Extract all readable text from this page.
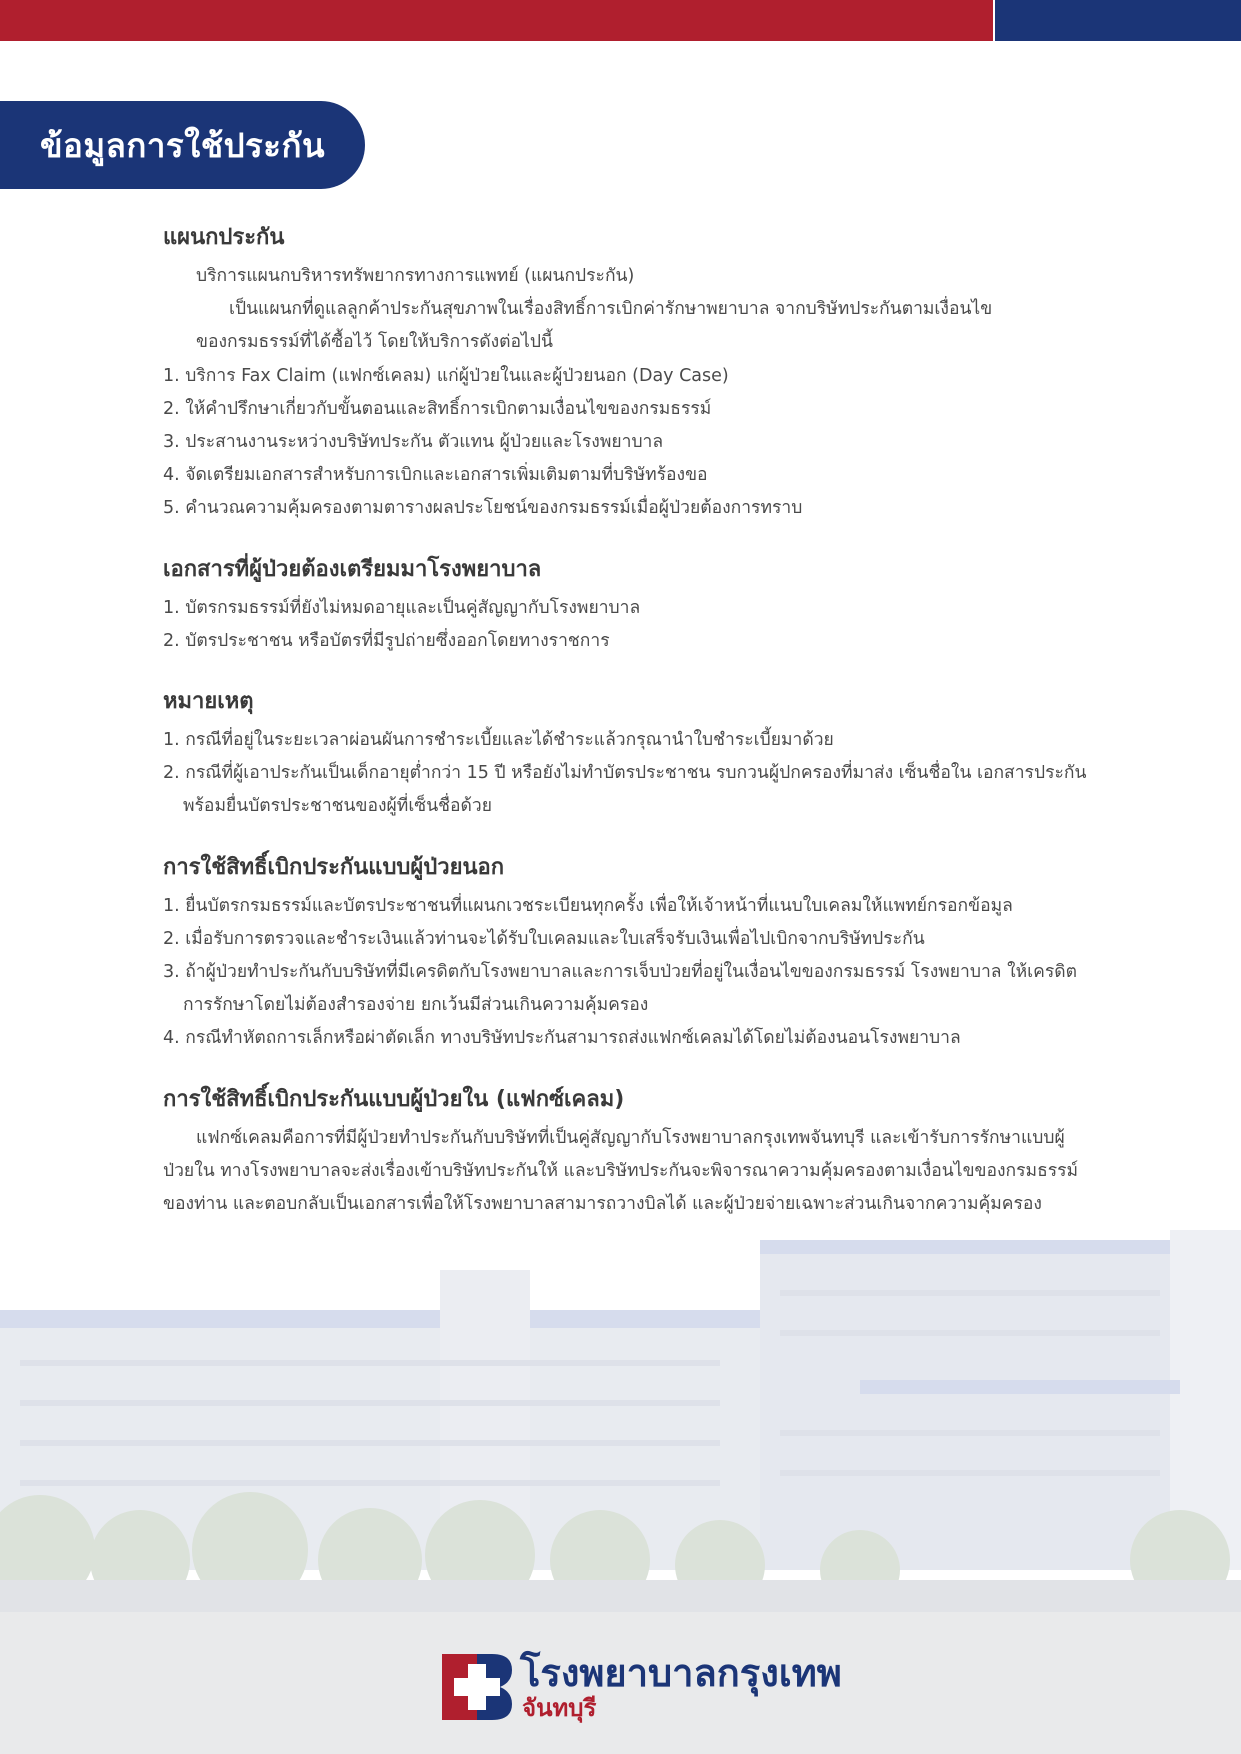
ข้อมูลการใช้ประกัน
แผนกประกัน
บริการแผนกบริหารทรัพยากรทางการแพทย์ (แผนกประกัน)
เป็นแผนกที่ดูแลลูกค้าประกันสุขภาพในเรื่องสิทธิ์การเบิกค่ารักษาพยาบาล จากบริษัทประกันตามเงื่อนไข
ของกรมธรรม์ที่ได้ซื้อไว้ โดยให้บริการดังต่อไปนี้
1. บริการ Fax Claim (แฟกซ์เคลม) แก่ผู้ป่วยในและผู้ป่วยนอก (Day Case)
2. ให้คำปรึกษาเกี่ยวกับขั้นตอนและสิทธิ์การเบิกตามเงื่อนไขของกรมธรรม์
3. ประสานงานระหว่างบริษัทประกัน ตัวแทน ผู้ป่วยและโรงพยาบาล
4. จัดเตรียมเอกสารสำหรับการเบิกและเอกสารเพิ่มเติมตามที่บริษัทร้องขอ
5. คำนวณความคุ้มครองตามตารางผลประโยชน์ของกรมธรรม์เมื่อผู้ป่วยต้องการทราบ
เอกสารที่ผู้ป่วยต้องเตรียมมาโรงพยาบาล
1. บัตรกรมธรรม์ที่ยังไม่หมดอายุและเป็นคู่สัญญากับโรงพยาบาล
2. บัตรประชาชน หรือบัตรที่มีรูปถ่ายซึ่งออกโดยทางราชการ
หมายเหตุ
1. กรณีที่อยู่ในระยะเวลาผ่อนผันการชำระเบี้ยและได้ชำระแล้วกรุณานำใบชำระเบี้ยมาด้วย
2. กรณีที่ผู้เอาประกันเป็นเด็กอายุต่ำกว่า 15 ปี หรือยังไม่ทำบัตรประชาชน รบกวนผู้ปกครองที่มาส่ง เซ็นชื่อใน เอกสารประกัน พร้อมยื่นบัตรประชาชนของผู้ที่เซ็นชื่อด้วย
การใช้สิทธิ์เบิกประกันแบบผู้ป่วยนอก
1. ยื่นบัตรกรมธรรม์และบัตรประชาชนที่แผนกเวชระเบียนทุกครั้ง เพื่อให้เจ้าหน้าที่แนบใบเคลมให้แพทย์กรอกข้อมูล
2. เมื่อรับการตรวจและชำระเงินแล้วท่านจะได้รับใบเคลมและใบเสร็จรับเงินเพื่อไปเบิกจากบริษัทประกัน
3. ถ้าผู้ป่วยทำประกันกับบริษัทที่มีเครดิตกับโรงพยาบาลและการเจ็บป่วยที่อยู่ในเงื่อนไขของกรมธรรม์ โรงพยาบาล ให้เครดิตการรักษาโดยไม่ต้องสำรองจ่าย ยกเว้นมีส่วนเกินความคุ้มครอง
4. กรณีทำหัตถการเล็กหรือผ่าตัดเล็ก ทางบริษัทประกันสามารถส่งแฟกซ์เคลมได้โดยไม่ต้องนอนโรงพยาบาล
การใช้สิทธิ์เบิกประกันแบบผู้ป่วยใน (แฟกซ์เคลม)

แฟกซ์เคลมคือการที่มีผู้ป่วยทำประกันกับบริษัทที่เป็นคู่สัญญากับโรงพยาบาลกรุงเทพจันทบุรี และเข้ารับการรักษาแบบผู้ป่วยใน ทางโรงพยาบาลจะส่งเรื่องเข้าบริษัทประกันให้ และบริษัทประกันจะพิจารณาความคุ้มครองตามเงื่อนไขของกรมธรรม์ของท่าน และตอบกลับเป็นเอกสารเพื่อให้โรงพยาบาลสามารถวางบิลได้ และผู้ป่วยจ่ายเฉพาะส่วนเกินจากความคุ้มครอง

โรงพยาบาลกรุงเทพ
จันทบุรี
